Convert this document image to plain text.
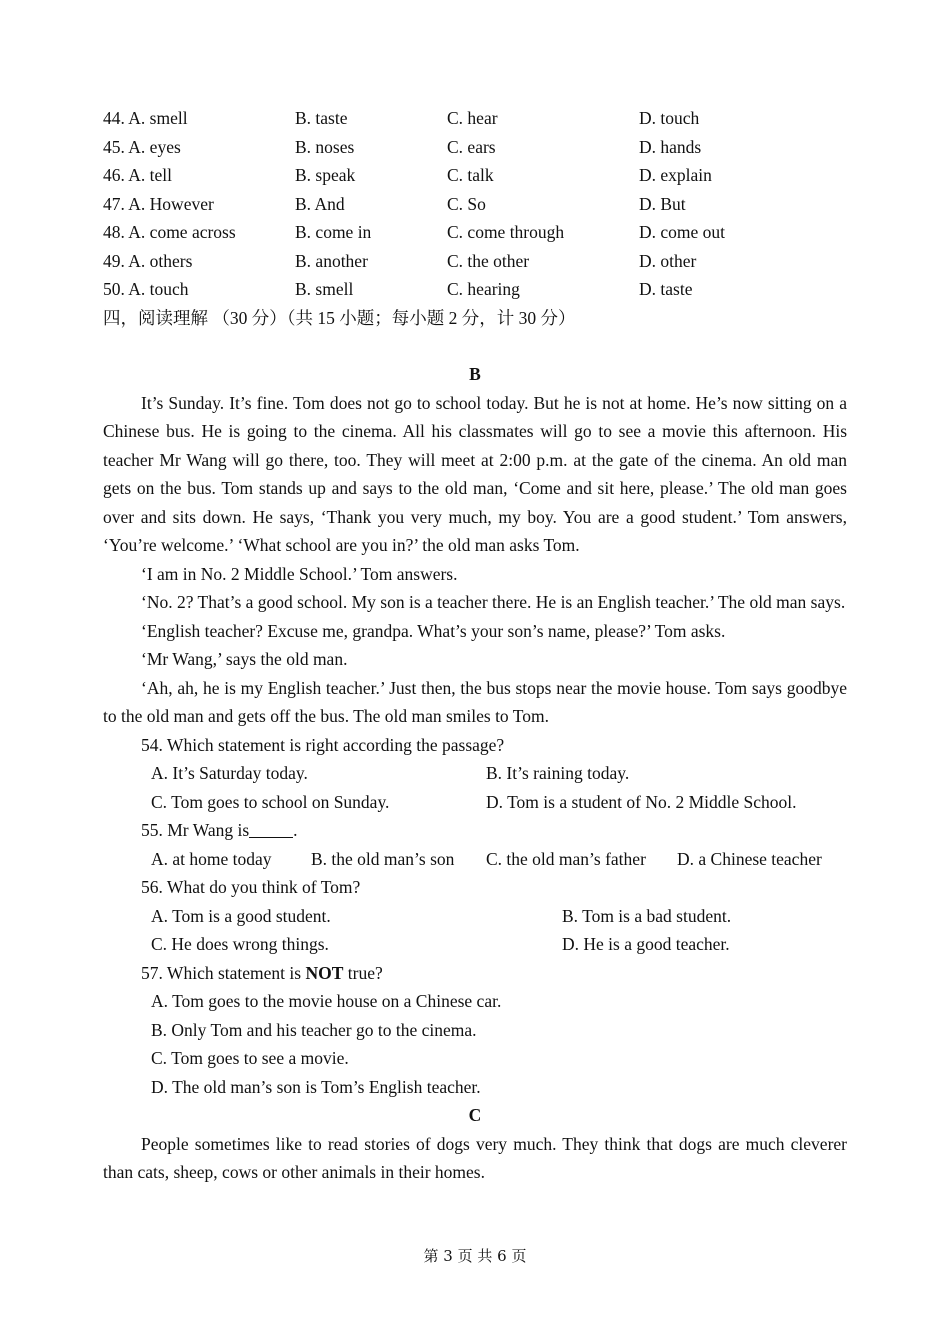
44. A. smell	B. taste	C. hear	D. touch
45. A. eyes	B. noses	C. ears	D. hands
46. A. tell	B. speak	C. talk	D. explain
47. A. However	B. And	C. So	D. But
48. A. come across	B. come in	C. come through	D. come out
49. A. others	B. another	C. the other	D. other
50. A. touch	B. smell	C. hearing	D. taste
四，阅读理解 （30 分）（共 15 小题；每小题 2 分，计 30 分）
B
It’s Sunday. It’s fine. Tom does not go to school today. But he is not at home. He’s now sitting on a Chinese bus. He is going to the cinema. All his classmates will go to see a movie this afternoon. His teacher Mr Wang will go there, too. They will meet at 2:00 p.m. at the gate of the cinema. An old man gets on the bus. Tom stands up and says to the old man, ‘Come and sit here, please.’ The old man goes over and sits down. He says, ‘Thank you very much, my boy. You are a good student.’ Tom answers, ‘You’re welcome.’ ‘What school are you in?’ the old man asks Tom.
‘I am in No. 2 Middle School.’ Tom answers.
‘No. 2? That’s a good school. My son is a teacher there. He is an English teacher.’ The old man says.
‘English teacher? Excuse me, grandpa. What’s your son’s name, please?’ Tom asks.
‘Mr Wang,’ says the old man.
‘Ah, ah, he is my English teacher.’ Just then, the bus stops near the movie house. Tom says goodbye to the old man and gets off the bus. The old man smiles to Tom.
54. Which statement is right according the passage?
A. It’s Saturday today.	B. It’s raining today.
C. Tom goes to school on Sunday.	D. Tom is a student of No. 2 Middle School.
55. Mr Wang is	.
A. at home today B. the old man’s son C. the old man’s father D. a Chinese teacher
56. What do you think of Tom?
A. Tom is a good student.	B. Tom is a bad student.
C. He does wrong things.	D. He is a good teacher.
57. Which statement is NOT true?
A. Tom goes to the movie house on a Chinese car.
B. Only Tom and his teacher go to the cinema.
C. Tom goes to see a movie.
D. The old man’s son is Tom’s English teacher.
C
People sometimes like to read stories of dogs very much. They think that dogs are much cleverer than cats, sheep, cows or other animals in their homes.
第 3 页 共 6 页
